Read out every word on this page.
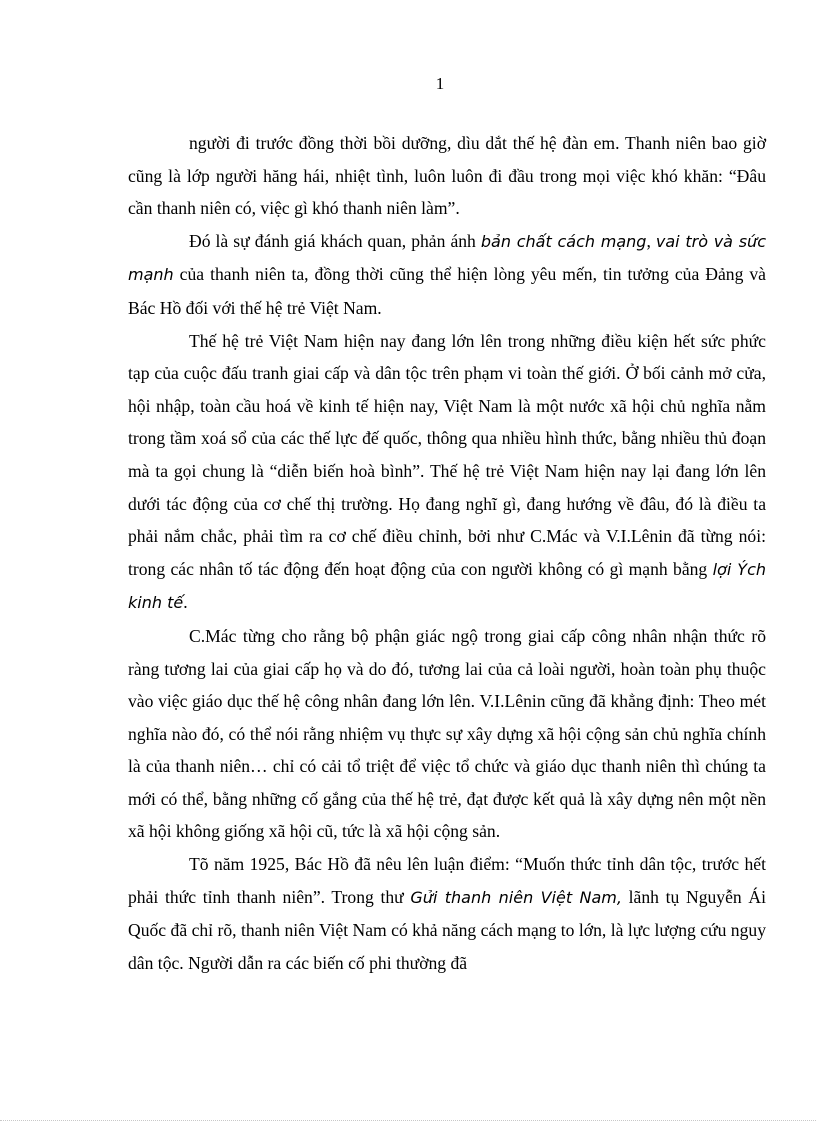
1

người đi trước đồng thời bồi dưỡng, dìu dắt thế hệ đàn em. Thanh niên bao giờ cũng là lớp người hăng hái, nhiệt tình, luôn luôn đi đầu trong mọi việc khó khăn: “Đâu cần thanh niên có, việc gì khó thanh niên làm”.

Đó là sự đánh giá khách quan, phản ánh bản chất cách mạng, vai trò và sức mạnh của thanh niên ta, đồng thời cũng thể hiện lòng yêu mến, tin tưởng của Đảng và Bác Hồ đối với thế hệ trẻ Việt Nam.

Thế hệ trẻ Việt Nam hiện nay đang lớn lên trong những điều kiện hết sức phức tạp của cuộc đấu tranh giai cấp và dân tộc trên phạm vi toàn thế giới. Ở bối cảnh mở cửa, hội nhập, toàn cầu hoá về kinh tế hiện nay, Việt Nam là một nước xã hội chủ nghĩa nằm trong tầm xoá sổ của các thế lực đế quốc, thông qua nhiều hình thức, bằng nhiều thủ đoạn mà ta gọi chung là “diễn biến hoà bình”. Thế hệ trẻ Việt Nam hiện nay lại đang lớn lên dưới tác động của cơ chế thị trường. Họ đang nghĩ gì, đang hướng về đâu, đó là điều ta phải nắm chắc, phải tìm ra cơ chế điều chỉnh, bởi như C.Mác và V.I.Lênin đã từng nói: trong các nhân tố tác động đến hoạt động của con người không có gì mạnh bằng lợi Ých kinh tế.

C.Mác từng cho rằng bộ phận giác ngộ trong giai cấp công nhân nhận thức rõ ràng tương lai của giai cấp họ và do đó, tương lai của cả loài người, hoàn toàn phụ thuộc vào việc giáo dục thế hệ công nhân đang lớn lên. V.I.Lênin cũng đã khẳng định: Theo mét nghĩa nào đó, có thể nói rằng nhiệm vụ thực sự xây dựng xã hội cộng sản chủ nghĩa chính là của thanh niên… chỉ có cải tổ triệt để việc tổ chức và giáo dục thanh niên thì chúng ta mới có thể, bằng những cố gắng của thế hệ trẻ, đạt được kết quả là xây dựng nên một nền xã hội không giống xã hội cũ, tức là xã hội cộng sản.

Tõ năm 1925, Bác Hồ đã nêu lên luận điểm: “Muốn thức tỉnh dân tộc, trước hết phải thức tỉnh thanh niên”. Trong thư Gửi thanh niên Việt Nam, lãnh tụ Nguyễn Ái Quốc đã chỉ rõ, thanh niên Việt Nam có khả năng cách mạng to lớn, là lực lượng cứu nguy dân tộc. Người dẫn ra các biến cố phi thường đã
